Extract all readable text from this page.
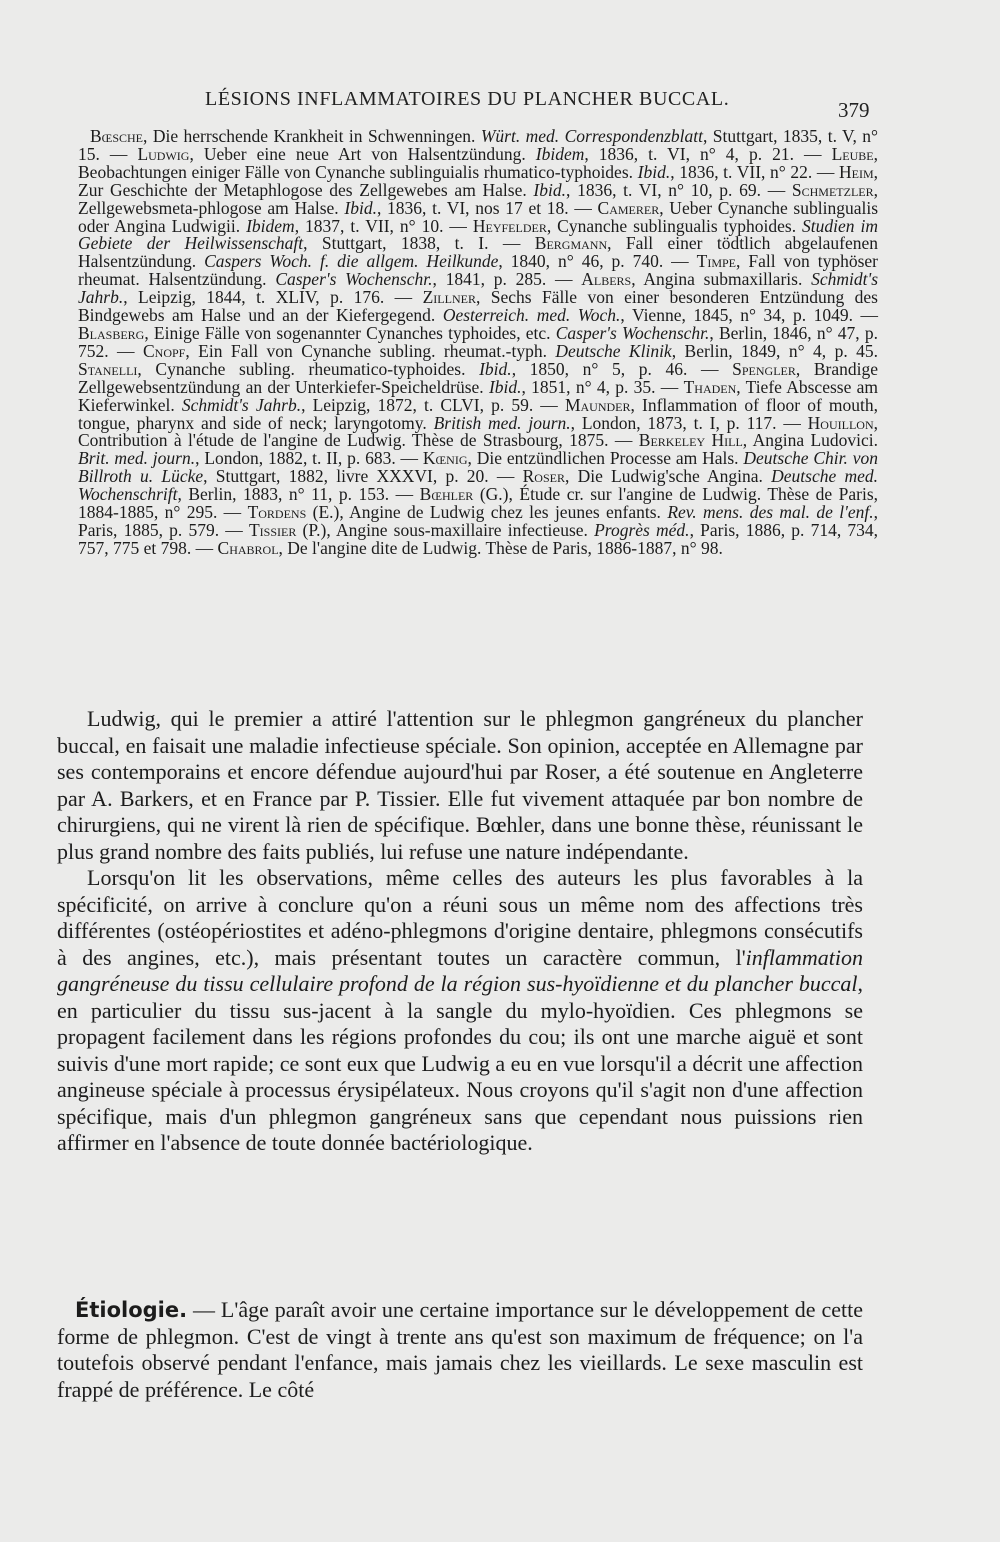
LÉSIONS INFLAMMATOIRES DU PLANCHER BUCCAL.	379

Bœsche, Die herrschende Krankheit in Schwenningen. Würt. med. Correspondenzblatt, Stuttgart, 1835, t. V, n° 15. — Ludwig, Ueber eine neue Art von Halsentzündung. Ibidem, 1836, t. VI, n° 4, p. 21. — Leube, Beobachtungen einiger Fälle von Cynanche sublinguialis rhumatico-typhoides. Ibid., 1836, t. VII, n° 22. — Heim, Zur Geschichte der Metaphlogose des Zellgewebes am Halse. Ibid., 1836, t. VI, n° 10, p. 69. — Schmetzler, Zellgewebsmeta-phlogose am Halse. Ibid., 1836, t. VI, nos 17 et 18. — Camerer, Ueber Cynanche sublingualis oder Angina Ludwigii. Ibidem, 1837, t. VII, n° 10. — Heyfelder, Cynanche sublingualis typhoides. Studien im Gebiete der Heilwissenschaft, Stuttgart, 1838, t. I. — Bergmann, Fall einer tödtlich abgelaufenen Halsentzündung. Caspers Woch. f. die allgem. Heilkunde, 1840, n° 46, p. 740. — Timpe, Fall von typhöser rheumat. Halsentzündung. Casper's Wochenschr., 1841, p. 285. — Albers, Angina submaxillaris. Schmidt's Jahrb., Leipzig, 1844, t. XLIV, p. 176. — Zillner, Sechs Fälle von einer besonderen Entzündung des Bindgewebs am Halse und an der Kiefergegend. Oesterreich. med. Woch., Vienne, 1845, n° 34, p. 1049. — Blasberg, Einige Fälle von sogenannter Cynanches typhoides, etc. Casper's Wochenschr., Berlin, 1846, n° 47, p. 752. — Cnopf, Ein Fall von Cynanche subling. rheumat.-typh. Deutsche Klinik, Berlin, 1849, n° 4, p. 45. Stanelli, Cynanche subling. rheumatico-typhoides. Ibid., 1850, n° 5, p. 46. — Spengler, Brandige Zellgewebsentzündung an der Unterkiefer-Speicheldrüse. Ibid., 1851, n° 4, p. 35. — Thaden, Tiefe Abscesse am Kieferwinkel. Schmidt's Jahrb., Leipzig, 1872, t. CLVI, p. 59. — Maunder, Inflammation of floor of mouth, tongue, pharynx and side of neck; laryngotomy. British med. journ., London, 1873, t. I, p. 117. — Houillon, Contribution à l'étude de l'angine de Ludwig. Thèse de Strasbourg, 1875. — Berkeley Hill, Angina Ludovici. Brit. med. journ., London, 1882, t. II, p. 683. — Kœnig, Die entzündlichen Processe am Hals. Deutsche Chir. von Billroth u. Lücke, Stuttgart, 1882, livre XXXVI, p. 20. — Roser, Die Ludwig'sche Angina. Deutsche med. Wochenschrift, Berlin, 1883, n° 11, p. 153. — Bœhler (G.), Étude cr. sur l'angine de Ludwig. Thèse de Paris, 1884-1885, n° 295. — Tordens (E.), Angine de Ludwig chez les jeunes enfants. Rev. mens. des mal. de l'enf., Paris, 1885, p. 579. — Tissier (P.), Angine sous-maxillaire infectieuse. Progrès méd., Paris, 1886, p. 714, 734, 757, 775 et 798. — Chabrol, De l'angine dite de Ludwig. Thèse de Paris, 1886-1887, n° 98.

Ludwig, qui le premier a attiré l'attention sur le phlegmon gangréneux du plancher buccal, en faisait une maladie infectieuse spéciale. Son opinion, acceptée en Allemagne par ses contemporains et encore défendue aujourd'hui par Roser, a été soutenue en Angleterre par A. Barkers, et en France par P. Tissier. Elle fut vivement attaquée par bon nombre de chirurgiens, qui ne virent là rien de spécifique. Bœhler, dans une bonne thèse, réunissant le plus grand nombre des faits publiés, lui refuse une nature indépendante.

Lorsqu'on lit les observations, même celles des auteurs les plus favorables à la spécificité, on arrive à conclure qu'on a réuni sous un même nom des affections très différentes (ostéopériostites et adéno-phlegmons d'origine dentaire, phlegmons consécutifs à des angines, etc.), mais présentant toutes un caractère commun, l'inflammation gangréneuse du tissu cellulaire profond de la région sus-hyoïdienne et du plancher buccal, en particulier du tissu sus-jacent à la sangle du mylo-hyoïdien. Ces phlegmons se propagent facilement dans les régions profondes du cou; ils ont une marche aiguë et sont suivis d'une mort rapide; ce sont eux que Ludwig a eu en vue lorsqu'il a décrit une affection angineuse spéciale à processus érysipélateux. Nous croyons qu'il s'agit non d'une affection spécifique, mais d'un phlegmon gangréneux sans que cependant nous puissions rien affirmer en l'absence de toute donnée bactériologique.

Étiologie. — L'âge paraît avoir une certaine importance sur le développement de cette forme de phlegmon. C'est de vingt à trente ans qu'est son maximum de fréquence; on l'a toutefois observé pendant l'enfance, mais jamais chez les vieillards. Le sexe masculin est frappé de préférence. Le côté
